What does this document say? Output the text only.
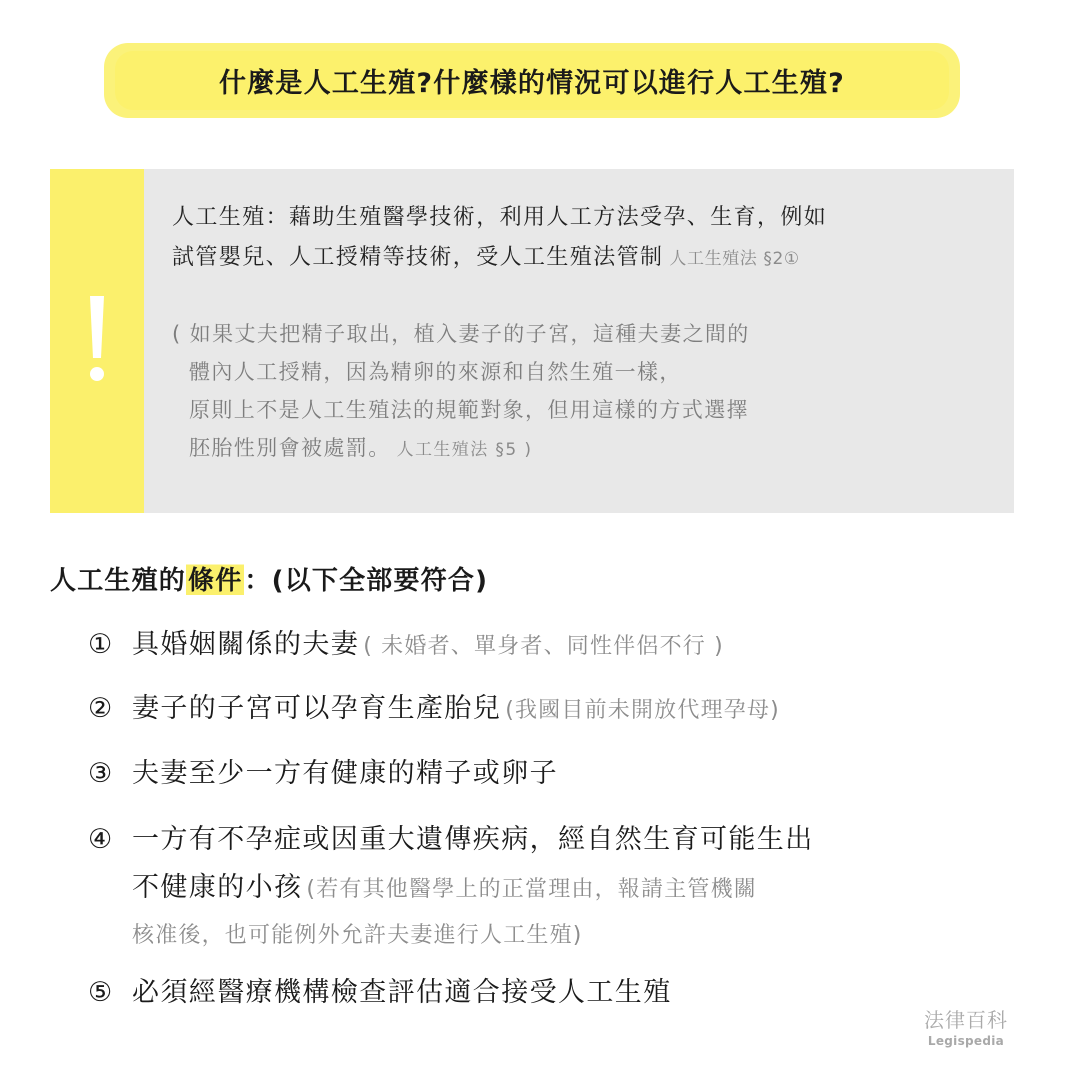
什麼是人工生殖?什麼樣的情況可以進行人工生殖?
人工生殖：藉助生殖醫學技術，利用人工方法受孕、生育，例如
試管嬰兒、人工授精等技術，受人工生殖法管制 人工生殖法 §2①
( 如果丈夫把精子取出，植入妻子的子宮，這種夫妻之間的
體內人工授精，因為精卵的來源和自然生殖一樣，
原則上不是人工生殖法的規範對象，但用這樣的方式選擇
胚胎性別會被處罰。 人工生殖法 §5 )
人工生殖的 條件 ：(以下全部要符合)
① 具婚姻關係的夫妻 ( 未婚者、單身者、同性伴侶不行 )
② 妻子的子宮可以孕育生產胎兒 (我國目前未開放代理孕母)
③ 夫妻至少一方有健康的精子或卵子
④ 一方有不孕症或因重大遺傳疾病，經自然生育可能生出
不健康的小孩 (若有其他醫學上的正當理由，報請主管機關
核准後，也可能例外允許夫妻進行人工生殖)
⑤ 必須經醫療機構檢查評估適合接受人工生殖
法律百科
Legispedia
